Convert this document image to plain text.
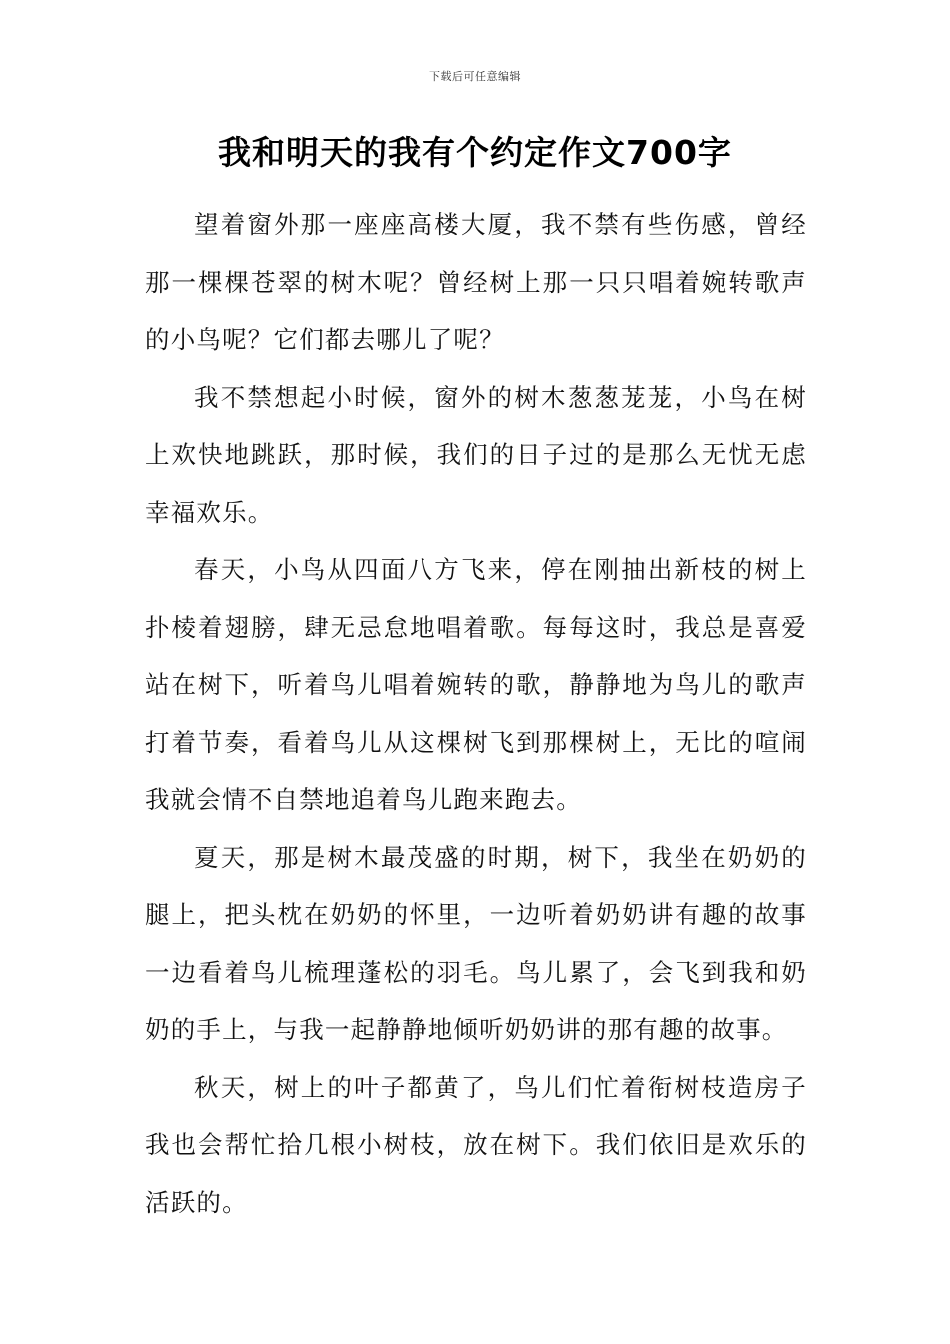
下载后可任意编辑
我和明天的我有个约定作文700字

望着窗外那一座座高楼大厦，我不禁有些伤感，曾经那一棵棵苍翠的树木呢？曾经树上那一只只唱着婉转歌声的小鸟呢？它们都去哪儿了呢？

我不禁想起小时候，窗外的树木葱葱茏茏，小鸟在树上欢快地跳跃，那时候，我们的日子过的是那么无忧无虑幸福欢乐。

春天，小鸟从四面八方飞来，停在刚抽出新枝的树上扑棱着翅膀，肆无忌怠地唱着歌。每每这时，我总是喜爱站在树下，听着鸟儿唱着婉转的歌，静静地为鸟儿的歌声打着节奏，看着鸟儿从这棵树飞到那棵树上，无比的喧闹我就会情不自禁地追着鸟儿跑来跑去。

夏天，那是树木最茂盛的时期，树下，我坐在奶奶的腿上，把头枕在奶奶的怀里，一边听着奶奶讲有趣的故事一边看着鸟儿梳理蓬松的羽毛。鸟儿累了，会飞到我和奶奶的手上，与我一起静静地倾听奶奶讲的那有趣的故事。

秋天，树上的叶子都黄了，鸟儿们忙着衔树枝造房子我也会帮忙拾几根小树枝，放在树下。我们依旧是欢乐的活跃的。
